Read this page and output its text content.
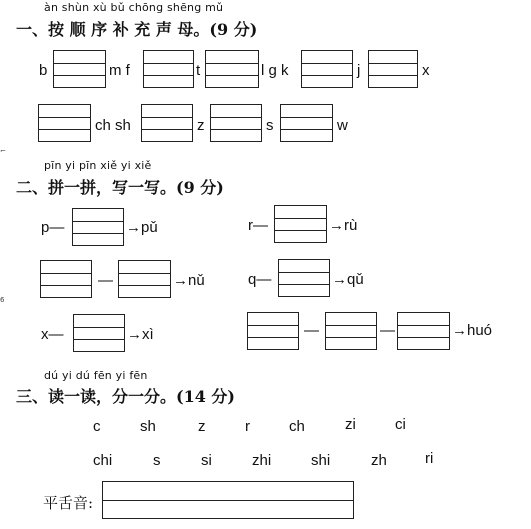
àn shùn xù bǔ chōng shēng mǔ
一、按 顺 序 补 充 声 母。(9 分)
b	m f	t	l g k	j	x
ch sh	z	s	w
⌐
pīn yi pīn xiě yi xiě
二、拼一拼，写一写。(9 分)
p—	→pǔ	r—	→rù
—	→nǔ	q—	→qǔ
6
x—	→xì	—	—	→huó
dú yi dú fēn yi fēn
三、读一读，分一分。(14 分)
c	sh	z	r	ch	zi	ci
chi	s	si	zhi	shi	zh	ri
平舌音:
